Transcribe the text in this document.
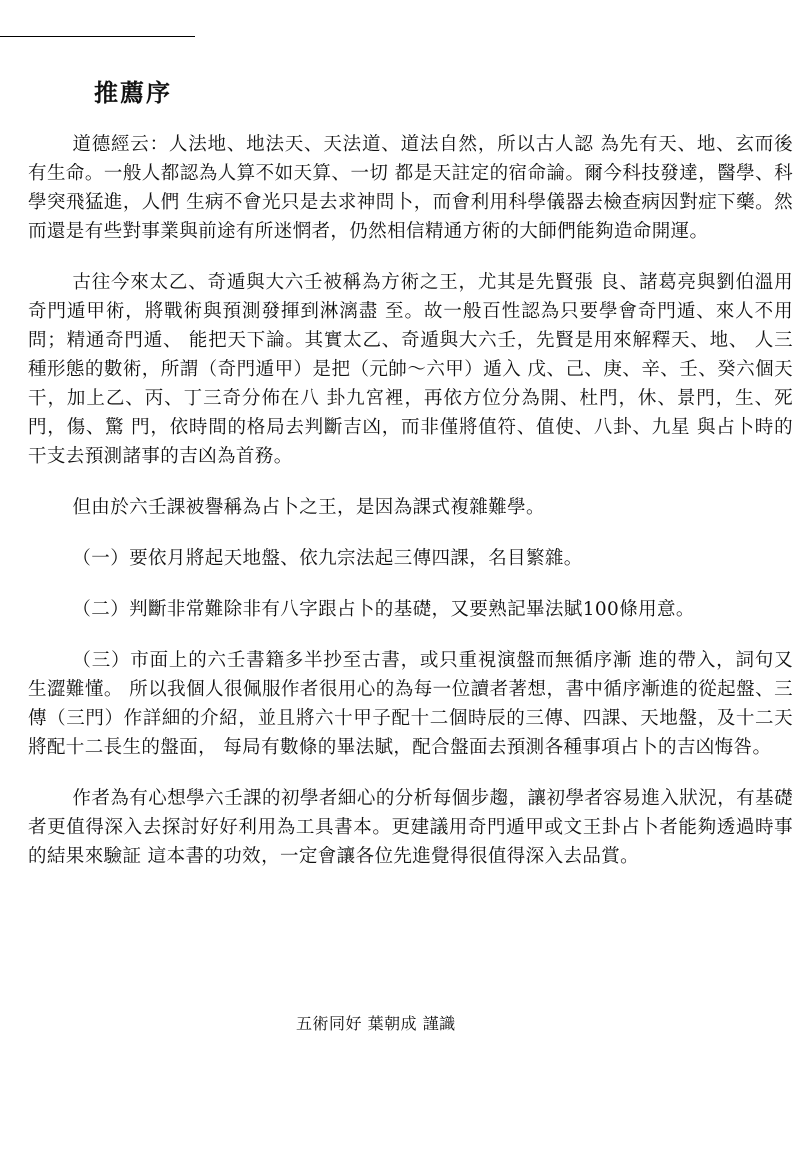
推薦序

道德經云：人法地、地法天、天法道、道法自然，所以古人認 為先有天、地、玄而後有生命。一般人都認為人算不如天算、一切 都是天註定的宿命論。爾今科技發達，醫學、科學突飛猛進，人們 生病不會光只是去求神問卜，而會利用科學儀器去檢查病因對症下藥。然而還是有些對事業與前途有所迷惘者，仍然相信精通方術的大師們能夠造命開運。

古往今來太乙、奇遁與大六壬被稱為方術之王，尤其是先賢張 良、諸葛亮與劉伯溫用奇門遁甲術，將戰術與預測發揮到淋漓盡 至。故一般百性認為只要學會奇門遁、來人不用問；精通奇門遁、 能把天下論。其實太乙、奇遁與大六壬，先賢是用來解釋天、地、 人三種形態的數術，所謂（奇門遁甲）是把（元帥～六甲）遁入 戊、己、庚、辛、壬、癸六個天干，加上乙、丙、丁三奇分佈在八 卦九宮裡，再依方位分為開、杜門，休、景門，生、死門，傷、驚 門，依時間的格局去判斷吉凶，而非僅將值符、值使、八卦、九星 與占卜時的干支去預測諸事的吉凶為首務。

但由於六壬課被譽稱為占卜之王，是因為課式複雜難學。

（一）要依月將起天地盤、依九宗法起三傳四課，名目繁雜。

（二）判斷非常難除非有八字跟占卜的基礎，又要熟記畢法賦100條用意。

（三）市面上的六壬書籍多半抄至古書，或只重視演盤而無循序漸 進的帶入，詞句又生澀難懂。 所以我個人很佩服作者很用心的為每一位讀者著想，書中循序漸進的從起盤、三傳（三門）作詳細的介紹，並且將六十甲子配十二個時辰的三傳、四課、天地盤，及十二天將配十二長生的盤面， 每局有數條的畢法賦，配合盤面去預測各種事項占卜的吉凶悔咎。

作者為有心想學六壬課的初學者細心的分析每個步趨，讓初學者容易進入狀況，有基礎者更值得深入去探討好好利用為工具書本。更建議用奇門遁甲或文王卦占卜者能夠透過時事的結果來驗証 這本書的功效，一定會讓各位先進覺得很值得深入去品賞。

五術同好 葉朝成 謹識
